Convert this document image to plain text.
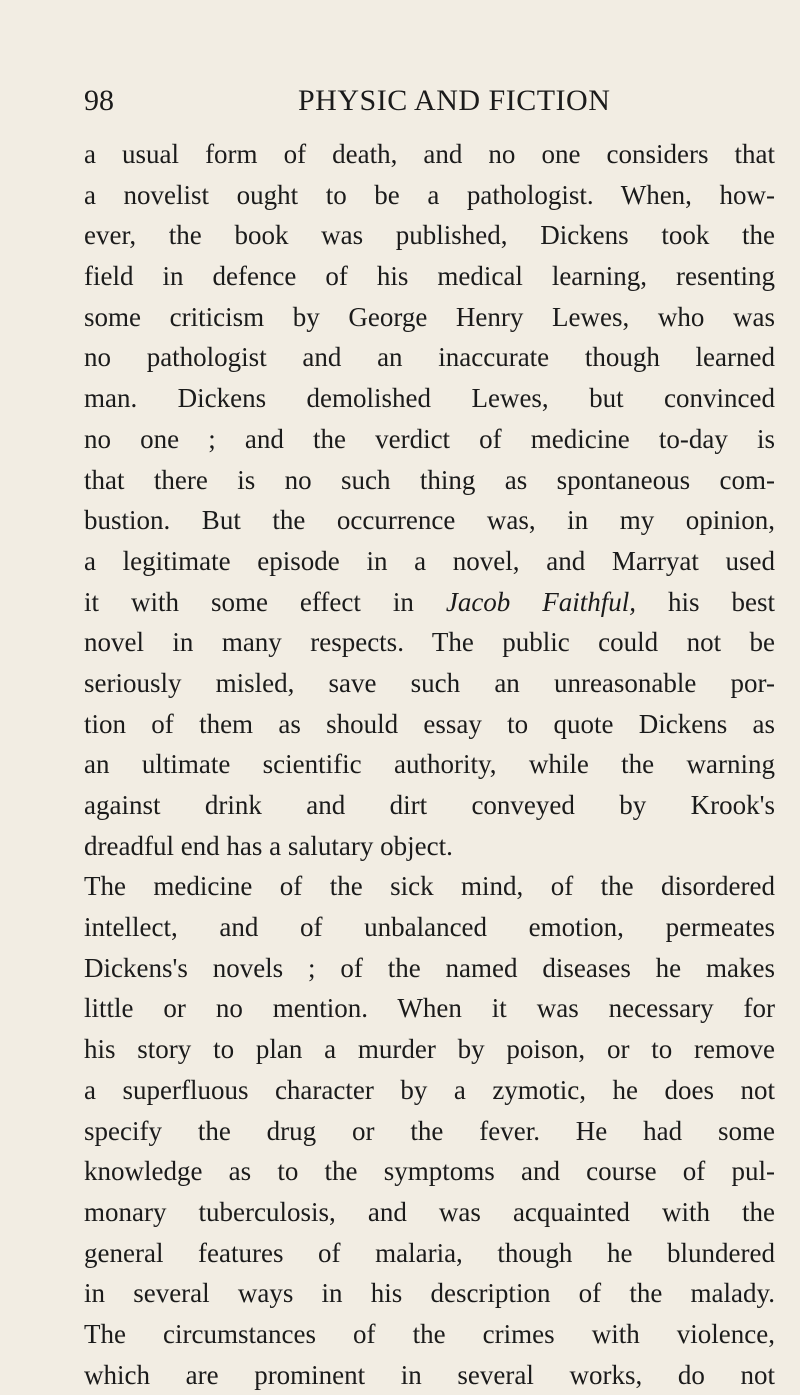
98	PHYSIC AND FICTION
a usual form of death, and no one considers that
a novelist ought to be a pathologist. When, how-
ever, the book was published, Dickens took the
field in defence of his medical learning, resenting
some criticism by George Henry Lewes, who was
no pathologist and an inaccurate though learned
man. Dickens demolished Lewes, but convinced
no one ; and the verdict of medicine to-day is
that there is no such thing as spontaneous com-
bustion. But the occurrence was, in my opinion,
a legitimate episode in a novel, and Marryat used
it with some effect in Jacob Faithful, his best
novel in many respects. The public could not be
seriously misled, save such an unreasonable por-
tion of them as should essay to quote Dickens as
an ultimate scientific authority, while the warning
against drink and dirt conveyed by Krook's
dreadful end has a salutary object.
The medicine of the sick mind, of the disordered
intellect, and of unbalanced emotion, permeates
Dickens's novels ; of the named diseases he makes
little or no mention. When it was necessary for
his story to plan a murder by poison, or to remove
a superfluous character by a zymotic, he does not
specify the drug or the fever. He had some
knowledge as to the symptoms and course of pul-
monary tuberculosis, and was acquainted with the
general features of malaria, though he blundered
in several ways in his description of the malady.
The circumstances of the crimes with violence,
which are prominent in several works, do not
